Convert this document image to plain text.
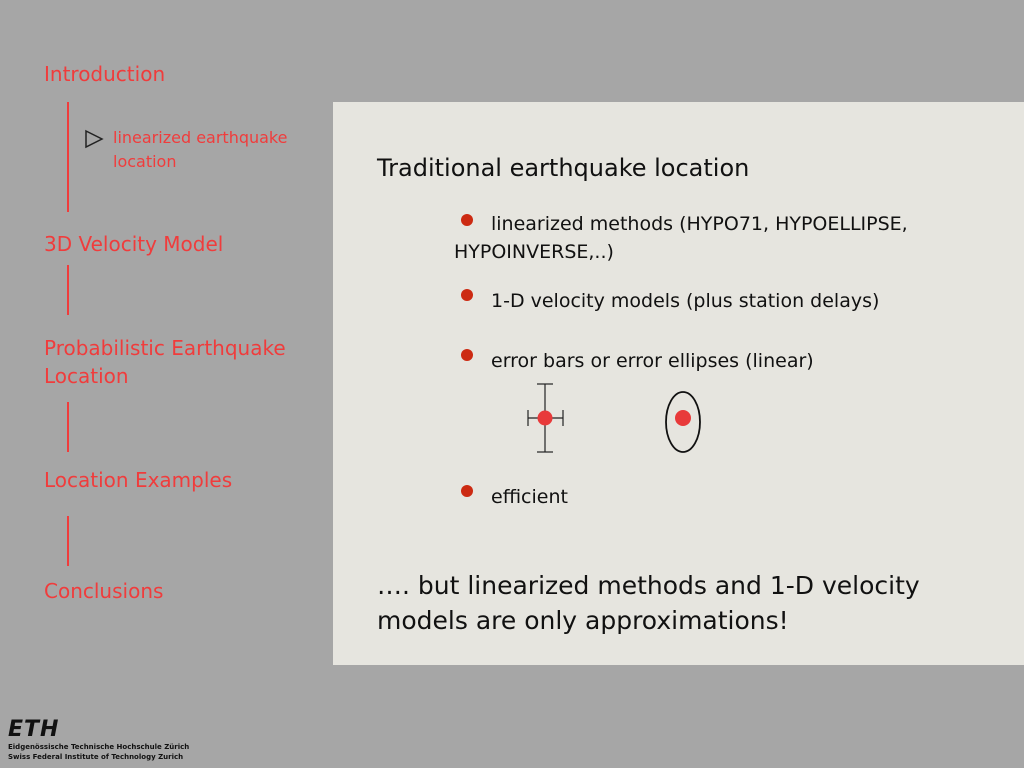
Introduction
linearized earthquake location
3D Velocity Model
Probabilistic Earthquake
Location
Location Examples
Conclusions
Traditional earthquake location
linearized methods (HYPO71, HYPOELLIPSE,
HYPOINVERSE,..)
1-D velocity models (plus station delays)
error bars or error ellipses (linear)
efficient
…. but linearized methods and 1-D velocity models are only approximations!
ETH
Eidgenössische Technische Hochschule Zürich
Swiss Federal Institute of Technology Zurich
